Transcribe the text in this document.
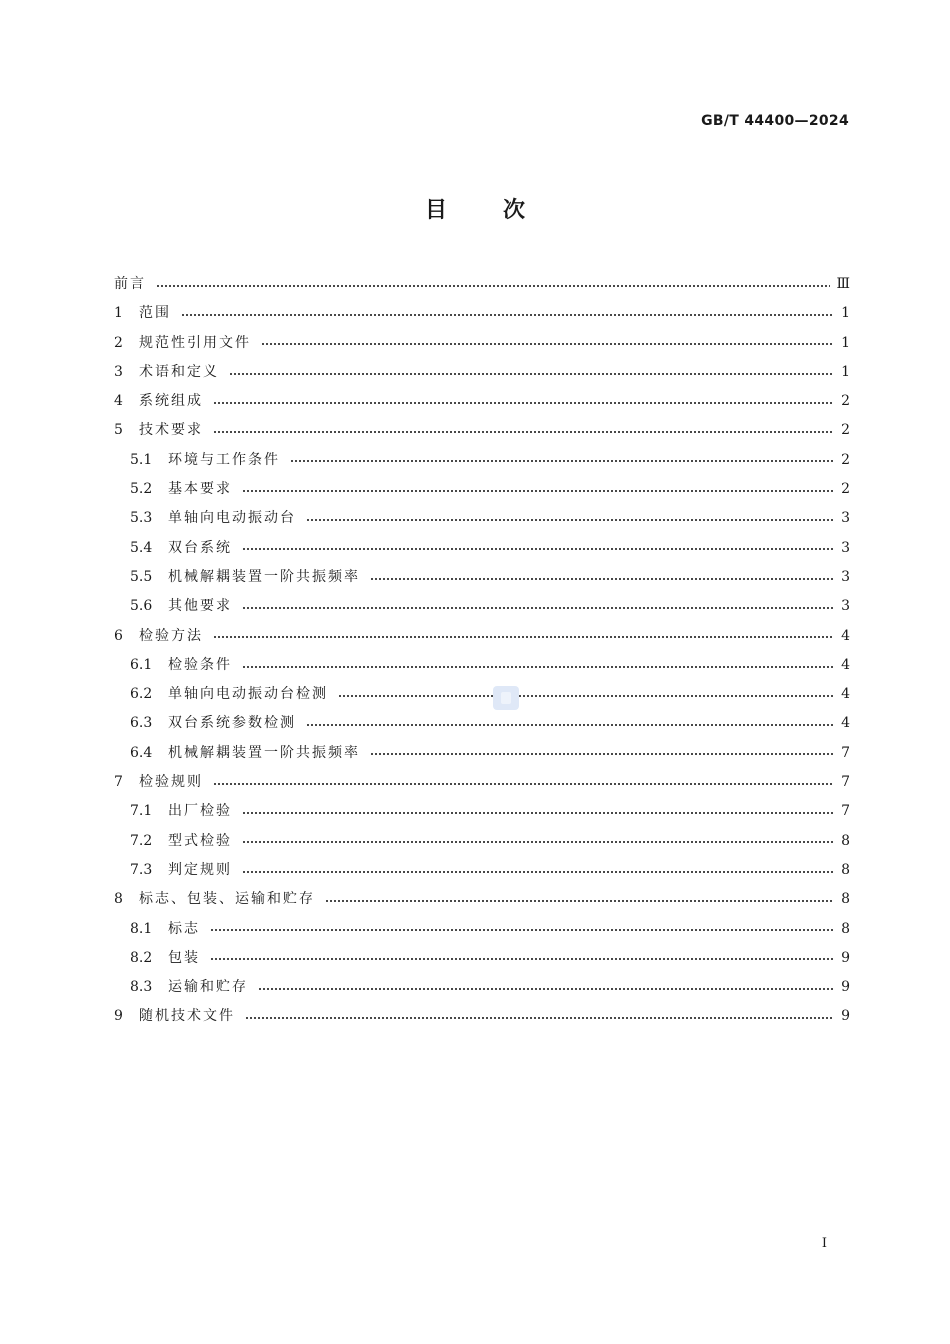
GB/T 44400—2024
目	次
前言	Ⅲ
1	范围	1
2	规范性引用文件	1
3	术语和定义	1
4	系统组成	2
5	技术要求	2
5.1	环境与工作条件	2
5.2	基本要求	2
5.3	单轴向电动振动台	3
5.4	双台系统	3
5.5	机械解耦装置一阶共振频率	3
5.6	其他要求	3
6	检验方法	4
6.1	检验条件	4
6.2	单轴向电动振动台检测	4
6.3	双台系统参数检测	4
6.4	机械解耦装置一阶共振频率	7
7	检验规则	7
7.1	出厂检验	7
7.2	型式检验	8
7.3	判定规则	8
8	标志、包装、运输和贮存	8
8.1	标志	8
8.2	包装	9
8.3	运输和贮存	9
9	随机技术文件	9
I
